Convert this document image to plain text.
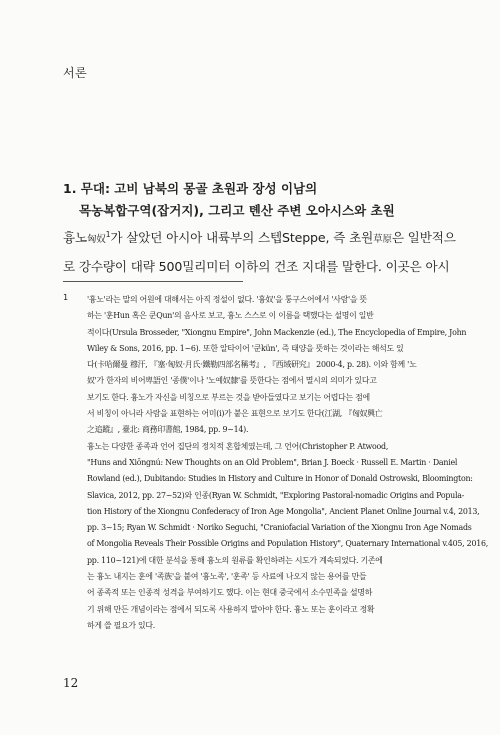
서론
1. 무대: 고비 남북의 몽골 초원과 장성 이남의
목농복합구역(잡거지), 그리고 톈산 주변 오아시스와 초원
흉노匈奴$^1$가 살았던 아시아 내륙부의 스텝Steppe, 즉 초원草原은 일반적으
로 강수량이 대략 500밀리미터 이하의 건조 지대를 말한다. 이곳은 아시
1 '흉노'라는 말의 어원에 대해서는 아직 정설이 없다. '흉奴'을 퉁구스어에서 '사람'을 뜻
하는 '훈Hun 혹은 쿤Qun'의 음사로 보고, 흉노 스스로 이 이름을 택했다는 설명이 일반
적이다(Ursula Brosseder, "Xiongnu Empire", John Mackenzie (ed.), The Encyclopedia of Empire, John
Wiley & Sons, 2016, pp. 1~6). 또한 알타이어 '쿤kün', 즉 태양을 뜻하는 것이라는 해석도 있
다(卡哈爾曼 穆汗, 『塞·匈奴·月氏·鐵勒四部名稱考』, 『西域研究』 2000-4, p. 28). 이와 함께 '노
奴'가 한자의 비어卑語인 '종僕'이나 '노예奴隸'를 뜻한다는 점에서 멸시의 의미가 있다고
보기도 한다. 흉노가 자신을 비칭으로 부르는 것을 받아들였다고 보기는 어렵다는 점에
서 비칭이 아니라 사람을 표현하는 어미(i)가 붙은 표현으로 보기도 한다(江湖, 『匈奴興亡
之追蹤』, 臺北: 商務印書館, 1984, pp. 9~14).
흉노는 다양한 종족과 언어 집단의 정치적 혼합체였는데, 그 언어(Christopher P. Atwood,
"Huns and Xiōngnú: New Thoughts on an Old Problem", Brian J. Boeck · Russell E. Martin · Daniel
Rowland (ed.), Dubitando: Studies in History and Culture in Honor of Donald Ostrowski, Bloomington:
Slavica, 2012, pp. 27~52)와 인종(Ryan W. Schmidt, "Exploring Pastoral-nomadic Origins and Popula-
tion History of the Xiongnu Confederacy of Iron Age Mongolia", Ancient Planet Online Journal v.4, 2013,
pp. 3~15; Ryan W. Schmidt · Noriko Seguchi, "Craniofacial Variation of the Xiongnu Iron Age Nomads
of Mongolia Reveals Their Possible Origins and Population History", Quaternary International v.405, 2016,
pp. 110~121)에 대한 분석을 통해 흉노의 원류를 확인하려는 시도가 계속되었다. 기존에
는 흉노 내지는 훈에 '족族'을 붙여 '흉노족', '훈족' 등 사료에 나오지 않는 용어를 만들
어 종족적 또는 인종적 성격을 부여하기도 했다. 이는 현대 중국에서 소수민족을 설명하
기 위해 만든 개념이라는 점에서 되도록 사용하지 말아야 한다. 흉노 또는 훈이라고 정확
하게 쓸 필요가 있다.
12
